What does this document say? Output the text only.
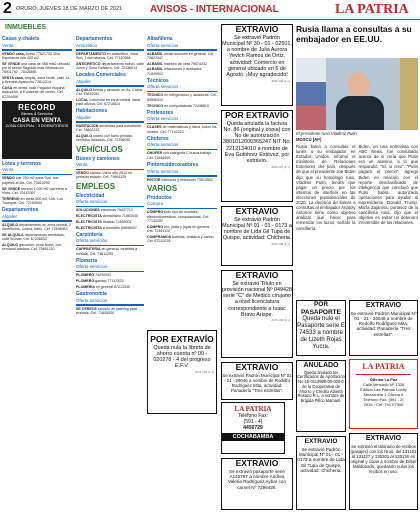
2 ORURO, JUEVES 18 DE MARZO DE 2021	AVISOS - INTERNACIONAL	LA PATRIA
INMUEBLES
Casas y chalets
Venta
VENDO casa, Acero 77621700 Villa Esperanza con 400 m2.
SE VENDE una casa de 458 mts2 ubicado por el sector Sagrado mas información 78911782 - 78428851
VENTA casa, amplia, zona Norte, calle 14 y Avenida Ayacucho 73812314.
CASA en venta, calle Pagador esquina Ayacucho, a 8 cuadras del centro. Cel: 67204456
RECORD
Bienes & Servicios
CASA EN VENTA
ZONA CENTRAL · 3 DORMITORIOS
Lotes y terrenos
Venta
VENDO lote 250 m2 zona Sud, con papeles al día. Cel: 73810292
SE VENDE terreno 1.000 m2 carretera a Vinto. Cel: 76143367
TERRENO en venta 500 m2, Urb. Los Tusequis. Cel: 72183944
Departamentos
Alquiler
ALQUILO departamento en zona central, 2 dormitorios, cocina, baño. Cel: 72458963
SE ALQUILA departamento amoblado, calle Bolívar. Cel: 67206633
ALQUILO garzonier, zona Norte, con servicios básicos. Cel: 79481210
Departamentos
Anticrético
DEPARTAMENTO en anticrético, zona Sud, 3 dormitorios. Cel: 77140988
ANTICRETICO departamento nuevo, calle Junín y Soria Galvarro. Cel: 72436614
Locales Comerciales
Alquiler
ALQUILO tienda y almacén en Av. Cívica. Cel: 73810042
LOCAL comercial en zona central, ideal para oficina. Cel: 67218824
Habitaciones
Alquiler
HABITACION amoblada para estudiante. Cel: 78802233
ALQUILO cuarto con baño privado, servicios incluidos. Cel: 72156092
VEHÍCULOS
Buses y camiones
Venta
VENDO camión Volvo año 2012 en perfecto estado. Cel: 71864120
EMPLEOS
Electricidad
Oferta servicios
SOLUCIONES eléctricas 75437712
ELECTRICISTA domiciliario 71863940
ELECTRICISTA titulado 72468001
ELECTRICISTA a domicilio 69596437
Carpintería
Oferta servicios
CARPINTERIA en general, muebles a medida. Cel: 73812295
Plomería
Oferta servicios
PLOMERO 74290002
PLOMERO gasista 77147823
PLOMERIA en general 67213340
Gastronomía
Oferta servicios
SE OFRECE servicio de catering para eventos. Cel: 71845530
Albañilería
Oferta servicios
ALBAÑIL construcciones en general. Cel: 73822047
ALBAÑIL maestro de obra 79874432
ALBAÑIL refacciones y acabados 71849902
Técnicos
Oferta servicios
TECNICO en refrigeración y lavadoras. Cel: 69596310
TECNICO en computadoras 72438810
Profesores
Oferta servicios
CLASES de matemáticas y física, todos los niveles. Cel: 77142210
Choferes
Oferta servicios
CHOFER con categoría C busca trabajo. Cel: 71846690
Pintores/decoradores
Oferta servicios
PINTOR interiores y exteriores 73814502
VARIOS
Productos
Compra
COMPRO todo tipo de muebles, electrodomésticos, computadoras. Cel: 77130052
COMPRO oro, plata y joyas en general. Cel: 72461120
COMPRAMOS botellas, chatarra y cartón. Cel: 67212078
POR EXTRAVÍO
Queda nula la libreta de ahorro cuenta nº 00 - 020278 - 4 del progreso E.F.V.
ANT-154 (1 v)
EXTRAVIO
Se extravió Padrón Municipal Nº 30 - 01 - 02501, a nombre de Julia Aurora Yevich Ramos de Ortiz, actividad: Comercio en general ubicado en 6 de Agosto. ¡Muy agradecido!
ANT-146 (1 v)
POR EXTRAVÍO
Queda anulada la factura No. 86 (original y copia) con No de autorización 3801012000365247 NIT No. 2212134010 a nombre de Eva Gutiérrez Estévez, por extravío.
ANT-147 (1 v)
EXTRAVIO
Se extravió Padrón Municipal Nº 01 - 01 - 0173 a nombre de Lida Gil Tupa de Quispe, actividad: Chicheria.
ANT-148 (1 v)
EXTRAVIO
Se extravió Título en provisión nacional Nº 049428 serie "C" de Médico cirujano a nivel licenciatura correspondiente a Isaac Bravo Arispe.
ANT-149 (1 v)
EXTRAVIO
Se extravió Padrón Municipal Nº 01 - 21 - 26046 a nombre de Rodolfo Rodríguez Mita, actividad: Panadería "Tres estrellas".
LA PATRIA
Teléfono Fax:
(591 - 4)
4450729
COCHABAMBA
EXTRAVIO
Se extravió pasaporte serie A145767 a nombre Andrea Valeria Rodríguez Aybar con carnet Nº 7296426.
Rusia llama a consultas a su embajador en EE.UU.
El presidente ruso Vladimir Putin.
MOSCÚ (AP)
Rusia llamó a consultas el lunes a su embajador en Estados Unidos, informó el ministerio de Relaciones Exteriores del país, después de que el presidente Joe Biden dijo que su homólogo ruso, Vladimir Putin, tendrá que pagar un precio por los intentos de interferir en las elecciones presidenciales de 2020. La decisión de llamar a consultas al embajador Anatoly Antonov tiene como objetivo analizar qué hacer para remendar los lazos, señaló la cancillería.
Biden, en una entrevista con ABC News, fue consultado acerca de si creía que Putin era un asesino, a lo que respondió: "Sí, lo creo". "Putin pagará el precio", agregó Biden en relación con el reporte desclasificado de inteligencia que concluyó que Putin había autorizado operaciones para ayudar al expresidente Donald Trump. María Zajárova, portavoz de la cancillería rusa, dijo que el objetivo es evitar un deterioro irreversible de las relaciones.
POR PASAPORTE
Queda nulo el Pasaporte serie E 74533 a nombre de Lizeth Rojas Yucra.
EXTRAVIO
Se extravió Padrón Municipal Nº 01 - 21 - 26046 a nombre de Rodolfo Rodríguez Mita, actividad: Panadería "Tres estrellas".
ANULADO
Queda anulado los Certificados de Aportación No 15-0113998-00-000-0 de la Cooperativa de Ahorro y Crédito Abierta Rosario R.L. a nombre de Brígida Pillco Mamani.
LA PATRIA
Oficina La Paz
Calle Mercado Nº 1328
Edificio Las Palmas Lobby
Mezzanine 1 Oficina 8
Teléfono Fax: (591 - 2)
2916 · Cel: 791 07900
EXTRAVÍO
Se extravió el talonario de recibos (pasajes) con los Nros. del 131101 al 131127 y 135201 al 135150 en original y copia a nombre de Dilser Maldonado, quedando nulos los recibos en uso.
EXTRAVIO
Se extravió Padrón Municipal Nº 01 - 01 - 0173 a nombre de Lida Gil Tupa de Quispe, actividad: Chicheria.
